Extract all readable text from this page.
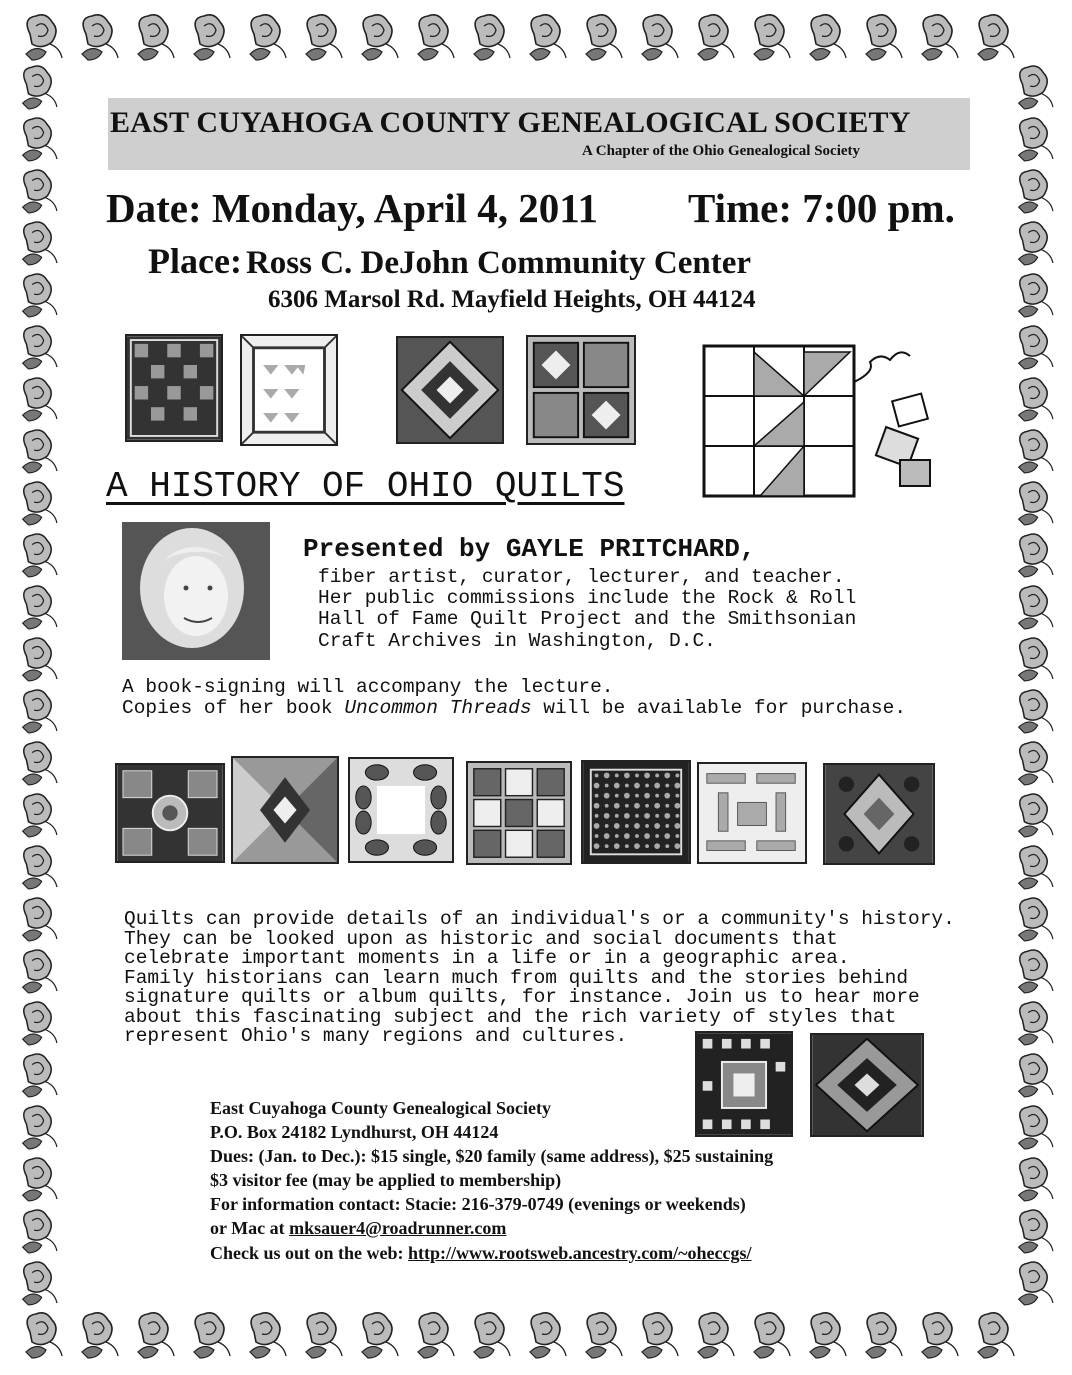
EAST CUYAHOGA COUNTY GENEALOGICAL SOCIETY
A Chapter of the Ohio Genealogical Society
Date: Monday, April 4, 2011 Time: 7:00 pm.
Place: Ross C. DeJohn Community Center
6306 Marsol Rd. Mayfield Heights, OH 44124
A HISTORY OF OHIO QUILTS
Presented by GAYLE PRITCHARD,
fiber artist, curator, lecturer, and teacher.
Her public commissions include the Rock & Roll
Hall of Fame Quilt Project and the Smithsonian
Craft Archives in Washington, D.C.
A book-signing will accompany the lecture.
Copies of her book Uncommon Threads will be available for purchase.
Quilts can provide details of an individual's or a community's history.
They can be looked upon as historic and social documents that
celebrate important moments in a life or in a geographic area.
Family historians can learn much from quilts and the stories behind
signature quilts or album quilts, for instance. Join us to hear more
about this fascinating subject and the rich variety of styles that
represent Ohio's many regions and cultures.
East Cuyahoga County Genealogical Society
P.O. Box 24182 Lyndhurst, OH 44124
Dues: (Jan. to Dec.): $15 single, $20 family (same address), $25 sustaining
$3 visitor fee (may be applied to membership)
For information contact: Stacie: 216-379-0749 (evenings or weekends)
or Mac at mksauer4@roadrunner.com
Check us out on the web: http://www.rootsweb.ancestry.com/~oheccgs/
